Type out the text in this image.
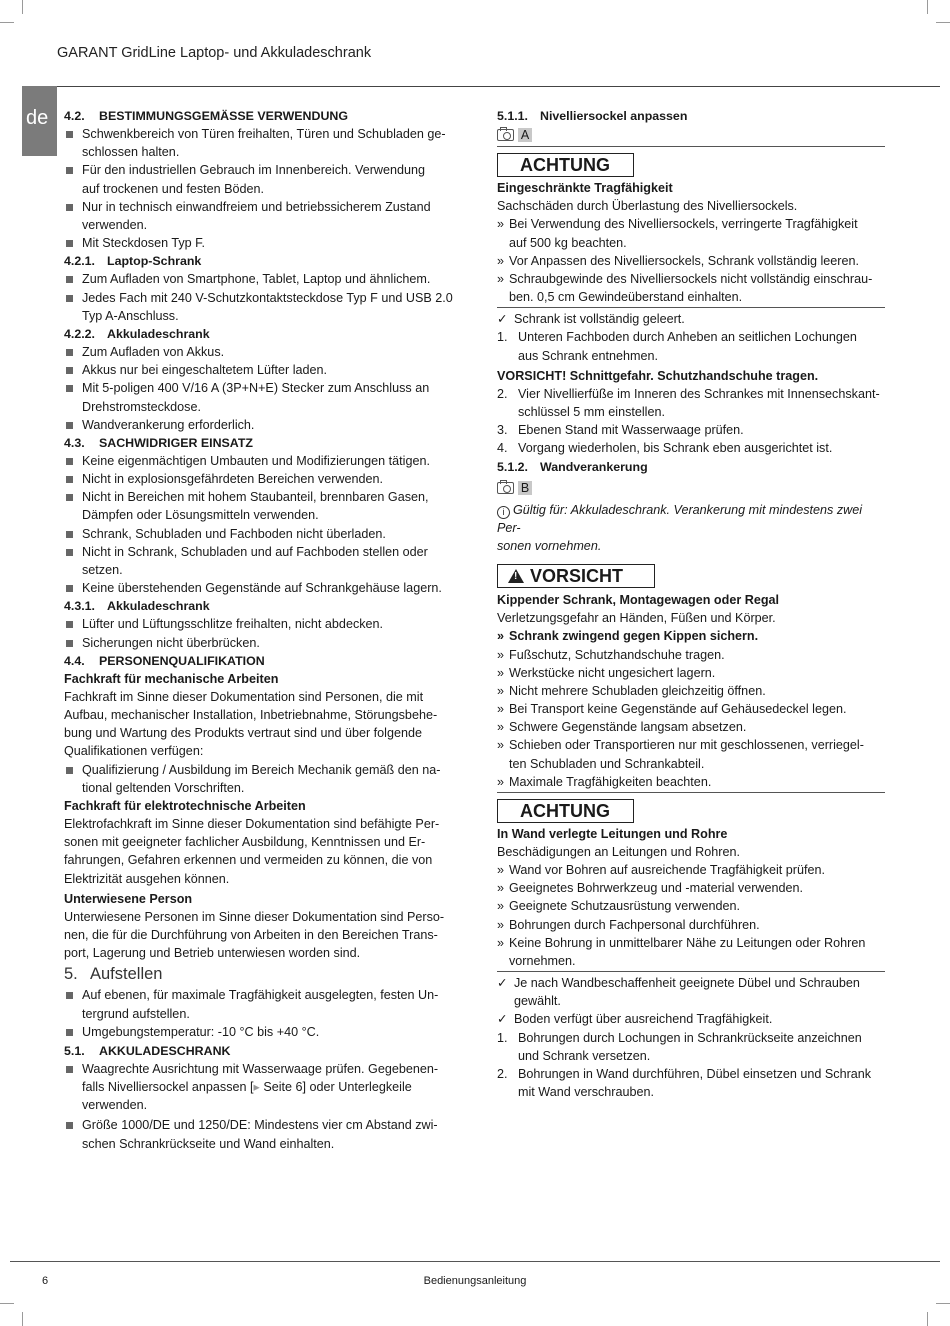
GARANT GridLine Laptop- und Akkuladeschrank
de 4.2. BESTIMMUNGSGEMÄSSE VERWENDUNG
Schwenkbereich von Türen freihalten, Türen und Schubladen ge-
schlossen halten.
Für den industriellen Gebrauch im Innenbereich. Verwendung
auf trockenen und festen Böden.
Nur in technisch einwandfreiem und betriebssicherem Zustand
verwenden.
Mit Steckdosen Typ F.
4.2.1. Laptop-Schrank
Zum Aufladen von Smartphone, Tablet, Laptop und ähnlichem.
Jedes Fach mit 240 V-Schutzkontaktsteckdose Typ F und USB 2.0
Typ A-Anschluss.
4.2.2. Akkuladeschrank
Zum Aufladen von Akkus.
Akkus nur bei eingeschaltetem Lüfter laden.
Mit 5-poligen 400 V/16 A (3P+N+E) Stecker zum Anschluss an
Drehstromsteckdose.
Wandverankerung erforderlich.
4.3. SACHWIDRIGER EINSATZ
Keine eigenmächtigen Umbauten und Modifizierungen tätigen.
Nicht in explosionsgefährdeten Bereichen verwenden.
Nicht in Bereichen mit hohem Staubanteil, brennbaren Gasen,
Dämpfen oder Lösungsmitteln verwenden.
Schrank, Schubladen und Fachboden nicht überladen.
Nicht in Schrank, Schubladen und auf Fachboden stellen oder
setzen.
Keine überstehenden Gegenstände auf Schrankgehäuse lagern.
4.3.1. Akkuladeschrank
Lüfter und Lüftungsschlitze freihalten, nicht abdecken.
Sicherungen nicht überbrücken.
4.4. PERSONENQUALIFIKATION
Fachkraft für mechanische Arbeiten
Fachkraft im Sinne dieser Dokumentation sind Personen, die mit
Aufbau, mechanischer Installation, Inbetriebnahme, Störungsbehe-
bung und Wartung des Produkts vertraut sind und über folgende
Qualifikationen verfügen:
Qualifizierung / Ausbildung im Bereich Mechanik gemäß den na-
tional geltenden Vorschriften.
Fachkraft für elektrotechnische Arbeiten
Elektrofachkraft im Sinne dieser Dokumentation sind befähigte Per-
sonen mit geeigneter fachlicher Ausbildung, Kenntnissen und Er-
fahrungen, Gefahren erkennen und vermeiden zu können, die von
Elektrizität ausgehen können.
Unterwiesene Person
Unterwiesene Personen im Sinne dieser Dokumentation sind Perso-
nen, die für die Durchführung von Arbeiten in den Bereichen Trans-
port, Lagerung und Betrieb unterwiesen worden sind.
5. Aufstellen
Auf ebenen, für maximale Tragfähigkeit ausgelegten, festen Un-
tergrund aufstellen.
Umgebungstemperatur: -10 °C bis +40 °C.
5.1. AKKULADESCHRANK
Waagrechte Ausrichtung mit Wasserwaage prüfen. Gegebenen-
falls Nivelliersockel anpassen [▸ Seite 6] oder Unterlegkeile
verwenden.
Größe 1000/DE und 1250/DE: Mindestens vier cm Abstand zwi-
schen Schrankrückseite und Wand einhalten.
5.1.1. Nivelliersockel anpassen
A
ACHTUNG
Eingeschränkte Tragfähigkeit
Sachschäden durch Überlastung des Nivelliersockels.
» Bei Verwendung des Nivelliersockels, verringerte Tragfähigkeit
auf 500 kg beachten.
» Vor Anpassen des Nivelliersockels, Schrank vollständig leeren.
» Schraubgewinde des Nivelliersockels nicht vollständig einschrau-
ben. 0,5 cm Gewindeüberstand einhalten.
✓ Schrank ist vollständig geleert.
1. Unteren Fachboden durch Anheben an seitlichen Lochungen
aus Schrank entnehmen.
VORSICHT! Schnittgefahr. Schutzhandschuhe tragen.
2. Vier Nivellierfüße im Inneren des Schrankes mit Innensechskant-
schlüssel 5 mm einstellen.
3. Ebenen Stand mit Wasserwaage prüfen.
4. Vorgang wiederholen, bis Schrank eben ausgerichtet ist.
5.1.2. Wandverankerung
B
i Gültig für: Akkuladeschrank. Verankerung mit mindestens zwei Per-
sonen vornehmen.
!VORSICHT
Kippender Schrank, Montagewagen oder Regal
Verletzungsgefahr an Händen, Füßen und Körper.
» Schrank zwingend gegen Kippen sichern.
» Fußschutz, Schutzhandschuhe tragen.
» Werkstücke nicht ungesichert lagern.
» Nicht mehrere Schubladen gleichzeitig öffnen.
» Bei Transport keine Gegenstände auf Gehäusedeckel legen.
» Schwere Gegenstände langsam absetzen.
» Schieben oder Transportieren nur mit geschlossenen, verriegel-
ten Schubladen und Schrankabteil.
» Maximale Tragfähigkeiten beachten.
ACHTUNG
In Wand verlegte Leitungen und Rohre
Beschädigungen an Leitungen und Rohren.
» Wand vor Bohren auf ausreichende Tragfähigkeit prüfen.
» Geeignetes Bohrwerkzeug und -material verwenden.
» Geeignete Schutzausrüstung verwenden.
» Bohrungen durch Fachpersonal durchführen.
» Keine Bohrung in unmittelbarer Nähe zu Leitungen oder Rohren
vornehmen.
✓ Je nach Wandbeschaffenheit geeignete Dübel und Schrauben
gewählt.
✓ Boden verfügt über ausreichend Tragfähigkeit.
1. Bohrungen durch Lochungen in Schrankrückseite anzeichnen
und Schrank versetzen.
2. Bohrungen in Wand durchführen, Dübel einsetzen und Schrank
mit Wand verschrauben.
6	Bedienungsanleitung
